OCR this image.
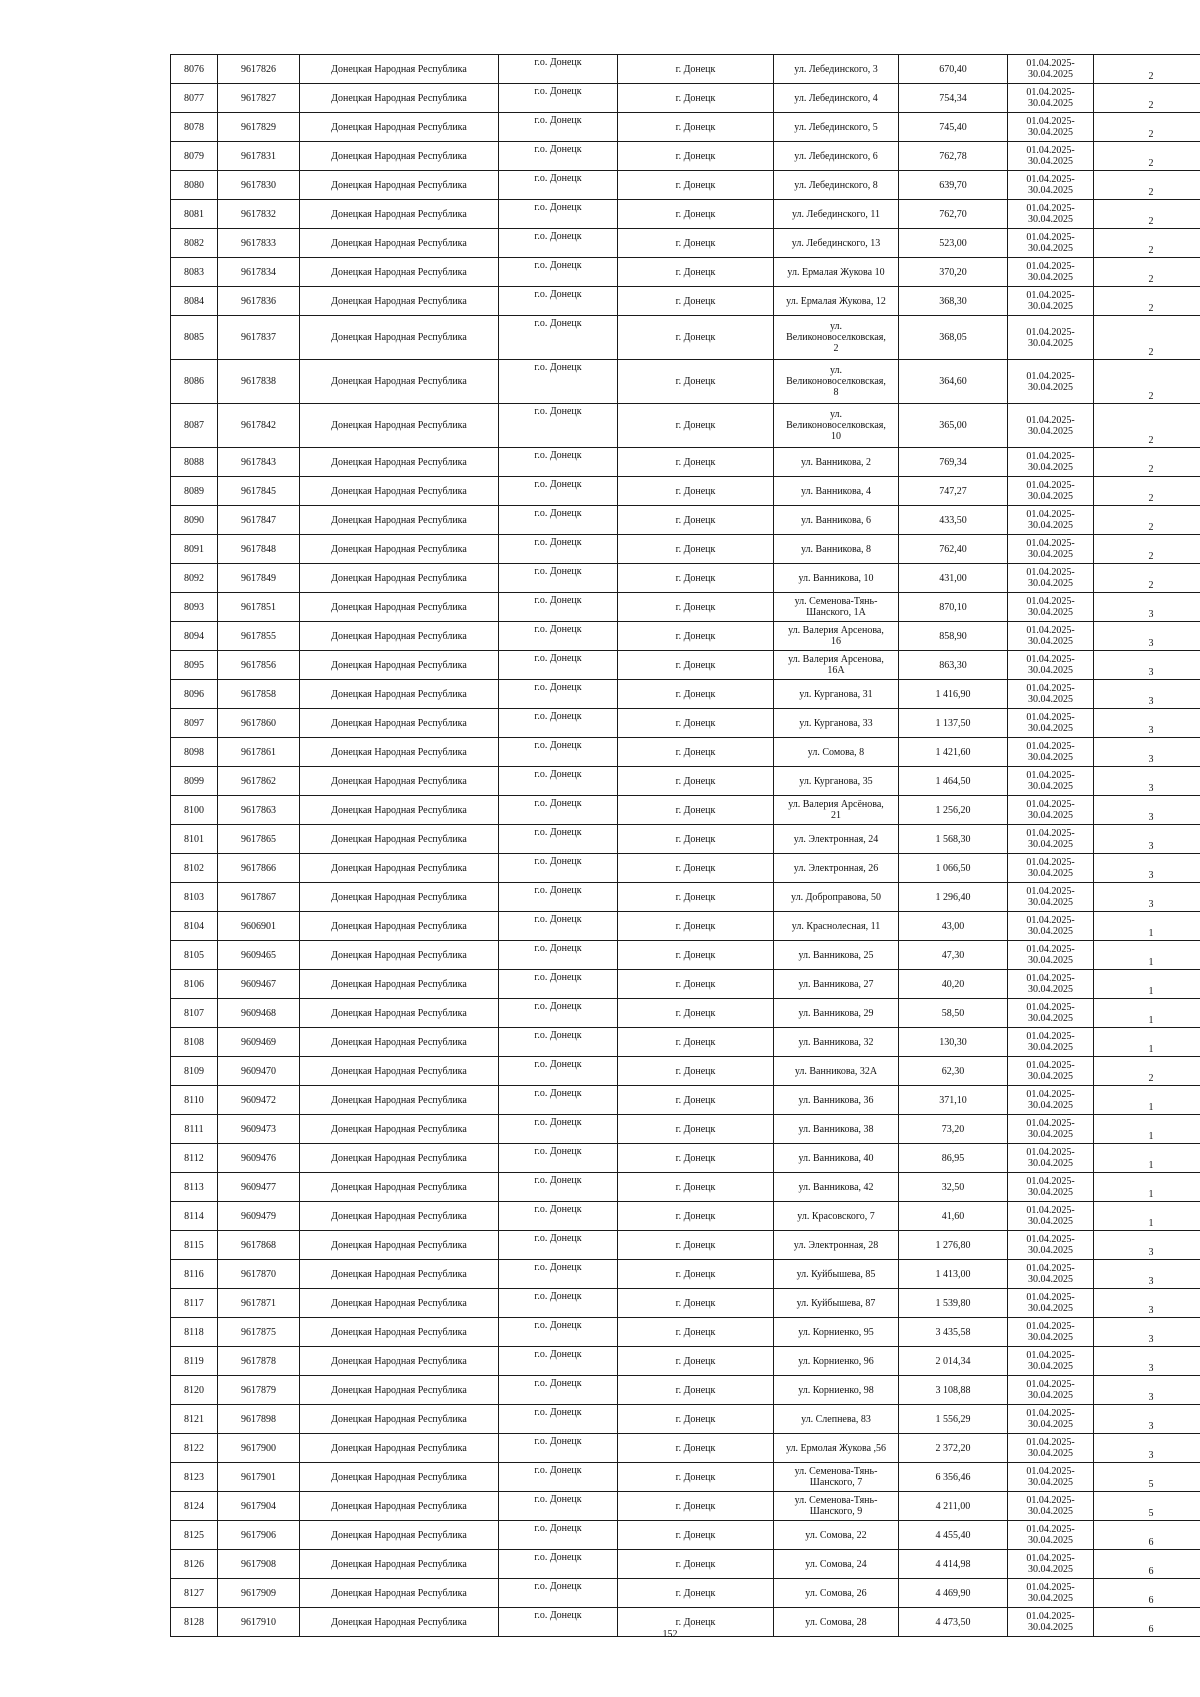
8076	9617826	Донецкая Народная Республика	г.о. Донецк	г. Донецк	ул. Лебединского, 3	670,40	01.04.2025-
30.04.2025	2
8077	9617827	Донецкая Народная Республика	г.о. Донецк	г. Донецк	ул. Лебединского, 4	754,34	01.04.2025-
30.04.2025	2
8078	9617829	Донецкая Народная Республика	г.о. Донецк	г. Донецк	ул. Лебединского, 5	745,40	01.04.2025-
30.04.2025	2
8079	9617831	Донецкая Народная Республика	г.о. Донецк	г. Донецк	ул. Лебединского, 6	762,78	01.04.2025-
30.04.2025	2
8080	9617830	Донецкая Народная Республика	г.о. Донецк	г. Донецк	ул. Лебединского, 8	639,70	01.04.2025-
30.04.2025	2
8081	9617832	Донецкая Народная Республика	г.о. Донецк	г. Донецк	ул. Лебединского, 11	762,70	01.04.2025-
30.04.2025	2
8082	9617833	Донецкая Народная Республика	г.о. Донецк	г. Донецк	ул. Лебединского, 13	523,00	01.04.2025-
30.04.2025	2
8083	9617834	Донецкая Народная Республика	г.о. Донецк	г. Донецк	ул. Ермалая Жукова 10	370,20	01.04.2025-
30.04.2025	2
8084	9617836	Донецкая Народная Республика	г.о. Донецк	г. Донецк	ул. Ермалая Жукова, 12	368,30	01.04.2025-
30.04.2025	2
8085	9617837	Донецкая Народная Республика	г.о. Донецк	г. Донецк	ул.
Великоновоселковская,
2	368,05	01.04.2025-
30.04.2025	2
8086	9617838	Донецкая Народная Республика	г.о. Донецк	г. Донецк	ул.
Великоновоселковская,
8	364,60	01.04.2025-
30.04.2025	2
8087	9617842	Донецкая Народная Республика	г.о. Донецк	г. Донецк	ул.
Великоновоселковская,
10	365,00	01.04.2025-
30.04.2025	2
8088	9617843	Донецкая Народная Республика	г.о. Донецк	г. Донецк	ул. Ванникова, 2	769,34	01.04.2025-
30.04.2025	2
8089	9617845	Донецкая Народная Республика	г.о. Донецк	г. Донецк	ул. Ванникова, 4	747,27	01.04.2025-
30.04.2025	2
8090	9617847	Донецкая Народная Республика	г.о. Донецк	г. Донецк	ул. Ванникова, 6	433,50	01.04.2025-
30.04.2025	2
8091	9617848	Донецкая Народная Республика	г.о. Донецк	г. Донецк	ул. Ванникова, 8	762,40	01.04.2025-
30.04.2025	2
8092	9617849	Донецкая Народная Республика	г.о. Донецк	г. Донецк	ул. Ванникова, 10	431,00	01.04.2025-
30.04.2025	2
8093	9617851	Донецкая Народная Республика	г.о. Донецк	г. Донецк	ул. Семенова-Тянь-
Шанского, 1А	870,10	01.04.2025-
30.04.2025	3
8094	9617855	Донецкая Народная Республика	г.о. Донецк	г. Донецк	ул. Валерия Арсенова,
16	858,90	01.04.2025-
30.04.2025	3
8095	9617856	Донецкая Народная Республика	г.о. Донецк	г. Донецк	ул. Валерия Арсенова,
16А	863,30	01.04.2025-
30.04.2025	3
8096	9617858	Донецкая Народная Республика	г.о. Донецк	г. Донецк	ул. Курганова, 31	1 416,90	01.04.2025-
30.04.2025	3
8097	9617860	Донецкая Народная Республика	г.о. Донецк	г. Донецк	ул. Курганова, 33	1 137,50	01.04.2025-
30.04.2025	3
8098	9617861	Донецкая Народная Республика	г.о. Донецк	г. Донецк	ул. Сомова, 8	1 421,60	01.04.2025-
30.04.2025	3
8099	9617862	Донецкая Народная Республика	г.о. Донецк	г. Донецк	ул. Курганова, 35	1 464,50	01.04.2025-
30.04.2025	3
8100	9617863	Донецкая Народная Республика	г.о. Донецк	г. Донецк	ул. Валерия Арсёнова,
21	1 256,20	01.04.2025-
30.04.2025	3
8101	9617865	Донецкая Народная Республика	г.о. Донецк	г. Донецк	ул. Электронная, 24	1 568,30	01.04.2025-
30.04.2025	3
8102	9617866	Донецкая Народная Республика	г.о. Донецк	г. Донецк	ул. Электронная, 26	1 066,50	01.04.2025-
30.04.2025	3
8103	9617867	Донецкая Народная Республика	г.о. Донецк	г. Донецк	ул. Доброправова, 50	1 296,40	01.04.2025-
30.04.2025	3
8104	9606901	Донецкая Народная Республика	г.о. Донецк	г. Донецк	ул. Краснолесная, 11	43,00	01.04.2025-
30.04.2025	1
8105	9609465	Донецкая Народная Республика	г.о. Донецк	г. Донецк	ул. Ванникова, 25	47,30	01.04.2025-
30.04.2025	1
8106	9609467	Донецкая Народная Республика	г.о. Донецк	г. Донецк	ул. Ванникова, 27	40,20	01.04.2025-
30.04.2025	1
8107	9609468	Донецкая Народная Республика	г.о. Донецк	г. Донецк	ул. Ванникова, 29	58,50	01.04.2025-
30.04.2025	1
8108	9609469	Донецкая Народная Республика	г.о. Донецк	г. Донецк	ул. Ванникова, 32	130,30	01.04.2025-
30.04.2025	1
8109	9609470	Донецкая Народная Республика	г.о. Донецк	г. Донецк	ул. Ванникова, 32А	62,30	01.04.2025-
30.04.2025	2
8110	9609472	Донецкая Народная Республика	г.о. Донецк	г. Донецк	ул. Ванникова, 36	371,10	01.04.2025-
30.04.2025	1
8111	9609473	Донецкая Народная Республика	г.о. Донецк	г. Донецк	ул. Ванникова, 38	73,20	01.04.2025-
30.04.2025	1
8112	9609476	Донецкая Народная Республика	г.о. Донецк	г. Донецк	ул. Ванникова, 40	86,95	01.04.2025-
30.04.2025	1
8113	9609477	Донецкая Народная Республика	г.о. Донецк	г. Донецк	ул. Ванникова, 42	32,50	01.04.2025-
30.04.2025	1
8114	9609479	Донецкая Народная Республика	г.о. Донецк	г. Донецк	ул. Красовского, 7	41,60	01.04.2025-
30.04.2025	1
8115	9617868	Донецкая Народная Республика	г.о. Донецк	г. Донецк	ул. Электронная, 28	1 276,80	01.04.2025-
30.04.2025	3
8116	9617870	Донецкая Народная Республика	г.о. Донецк	г. Донецк	ул. Куйбышева, 85	1 413,00	01.04.2025-
30.04.2025	3
8117	9617871	Донецкая Народная Республика	г.о. Донецк	г. Донецк	ул. Куйбышева, 87	1 539,80	01.04.2025-
30.04.2025	3
8118	9617875	Донецкая Народная Республика	г.о. Донецк	г. Донецк	ул. Корниенко, 95	3 435,58	01.04.2025-
30.04.2025	3
8119	9617878	Донецкая Народная Республика	г.о. Донецк	г. Донецк	ул. Корниенко, 96	2 014,34	01.04.2025-
30.04.2025	3
8120	9617879	Донецкая Народная Республика	г.о. Донецк	г. Донецк	ул. Корниенко, 98	3 108,88	01.04.2025-
30.04.2025	3
8121	9617898	Донецкая Народная Республика	г.о. Донецк	г. Донецк	ул. Слепнева, 83	1 556,29	01.04.2025-
30.04.2025	3
8122	9617900	Донецкая Народная Республика	г.о. Донецк	г. Донецк	ул. Ермолая Жукова ,56	2 372,20	01.04.2025-
30.04.2025	3
8123	9617901	Донецкая Народная Республика	г.о. Донецк	г. Донецк	ул. Семенова-Тянь-
Шанского, 7	6 356,46	01.04.2025-
30.04.2025	5
8124	9617904	Донецкая Народная Республика	г.о. Донецк	г. Донецк	ул. Семенова-Тянь-
Шанского, 9	4 211,00	01.04.2025-
30.04.2025	5
8125	9617906	Донецкая Народная Республика	г.о. Донецк	г. Донецк	ул. Сомова, 22	4 455,40	01.04.2025-
30.04.2025	6
8126	9617908	Донецкая Народная Республика	г.о. Донецк	г. Донецк	ул. Сомова, 24	4 414,98	01.04.2025-
30.04.2025	6
8127	9617909	Донецкая Народная Республика	г.о. Донецк	г. Донецк	ул. Сомова, 26	4 469,90	01.04.2025-
30.04.2025	6
8128	9617910	Донецкая Народная Республика	г.о. Донецк	г. Донецк	ул. Сомова, 28	4 473,50	01.04.2025-
30.04.2025	6
152
